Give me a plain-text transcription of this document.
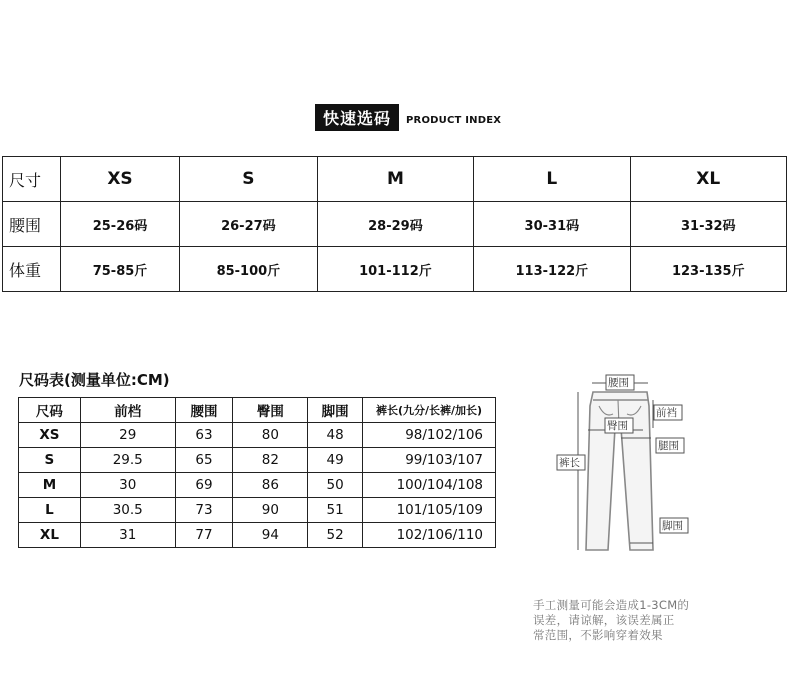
快速选码	PRODUCT INDEX
尺寸	XS	S	M	L	XL
腰围	25-26码	26-27码	28-29码	30-31码	31-32码
体重	75-85斤	85-100斤	101-112斤	113-122斤	123-135斤
尺码表(测量单位:CM)
尺码	前档	腰围	臀围	脚围	裤长(九分/长裤/加长)
XS	29	63	80	48	98/102/106
S	29.5	65	82	49	99/103/107
M	30	69	86	50	100/104/108
L	30.5	73	90	51	101/105/109
XL	31	77	94	52	102/106/110
腰围
前裆
臀围
腿围
裤长
脚围
手工测量可能会造成1-3CM的
误差，请谅解，该误差属正
常范围，不影响穿着效果
